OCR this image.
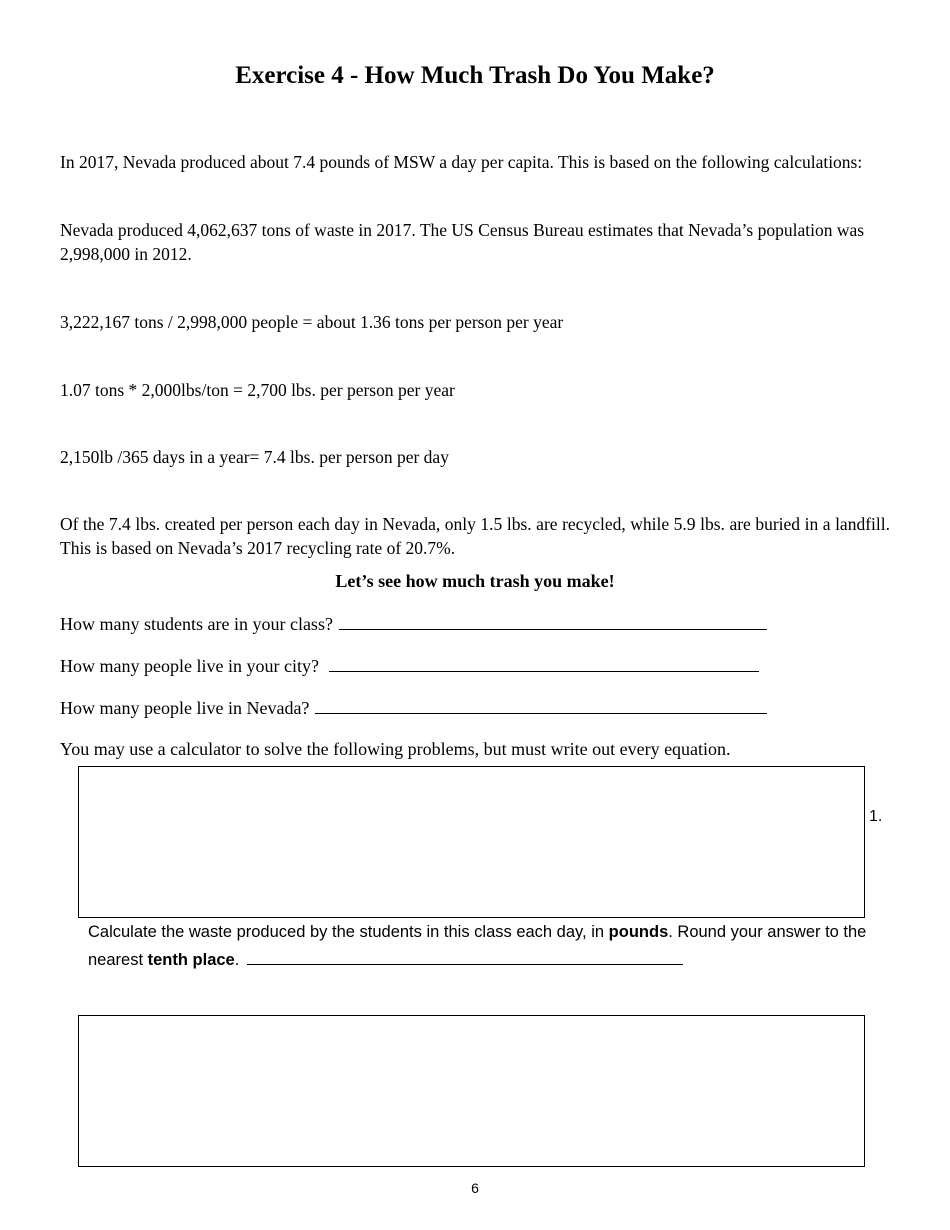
Exercise 4 - How Much Trash Do You Make?
In 2017, Nevada produced about 7.4 pounds of MSW a day per capita. This is based on the following calculations:
Nevada produced 4,062,637 tons of waste in 2017. The US Census Bureau estimates that Nevada’s population was 2,998,000 in 2012.
3,222,167 tons / 2,998,000 people = about 1.36 tons per person per year
1.07 tons * 2,000lbs/ton = 2,700 lbs. per person per year
2,150lb /365 days in a year= 7.4 lbs. per person per day
Of the 7.4 lbs. created per person each day in Nevada, only 1.5 lbs. are recycled, while 5.9 lbs. are buried in a landfill. This is based on Nevada’s 2017 recycling rate of 20.7%.
Let’s see how much trash you make!
How many students are in your class?
How many people live in your city?
How many people live in Nevada?
You may use a calculator to solve the following problems, but must write out every equation.
1.
Calculate the waste produced by the students in this class each day, in pounds. Round your answer to the nearest tenth place.
6
